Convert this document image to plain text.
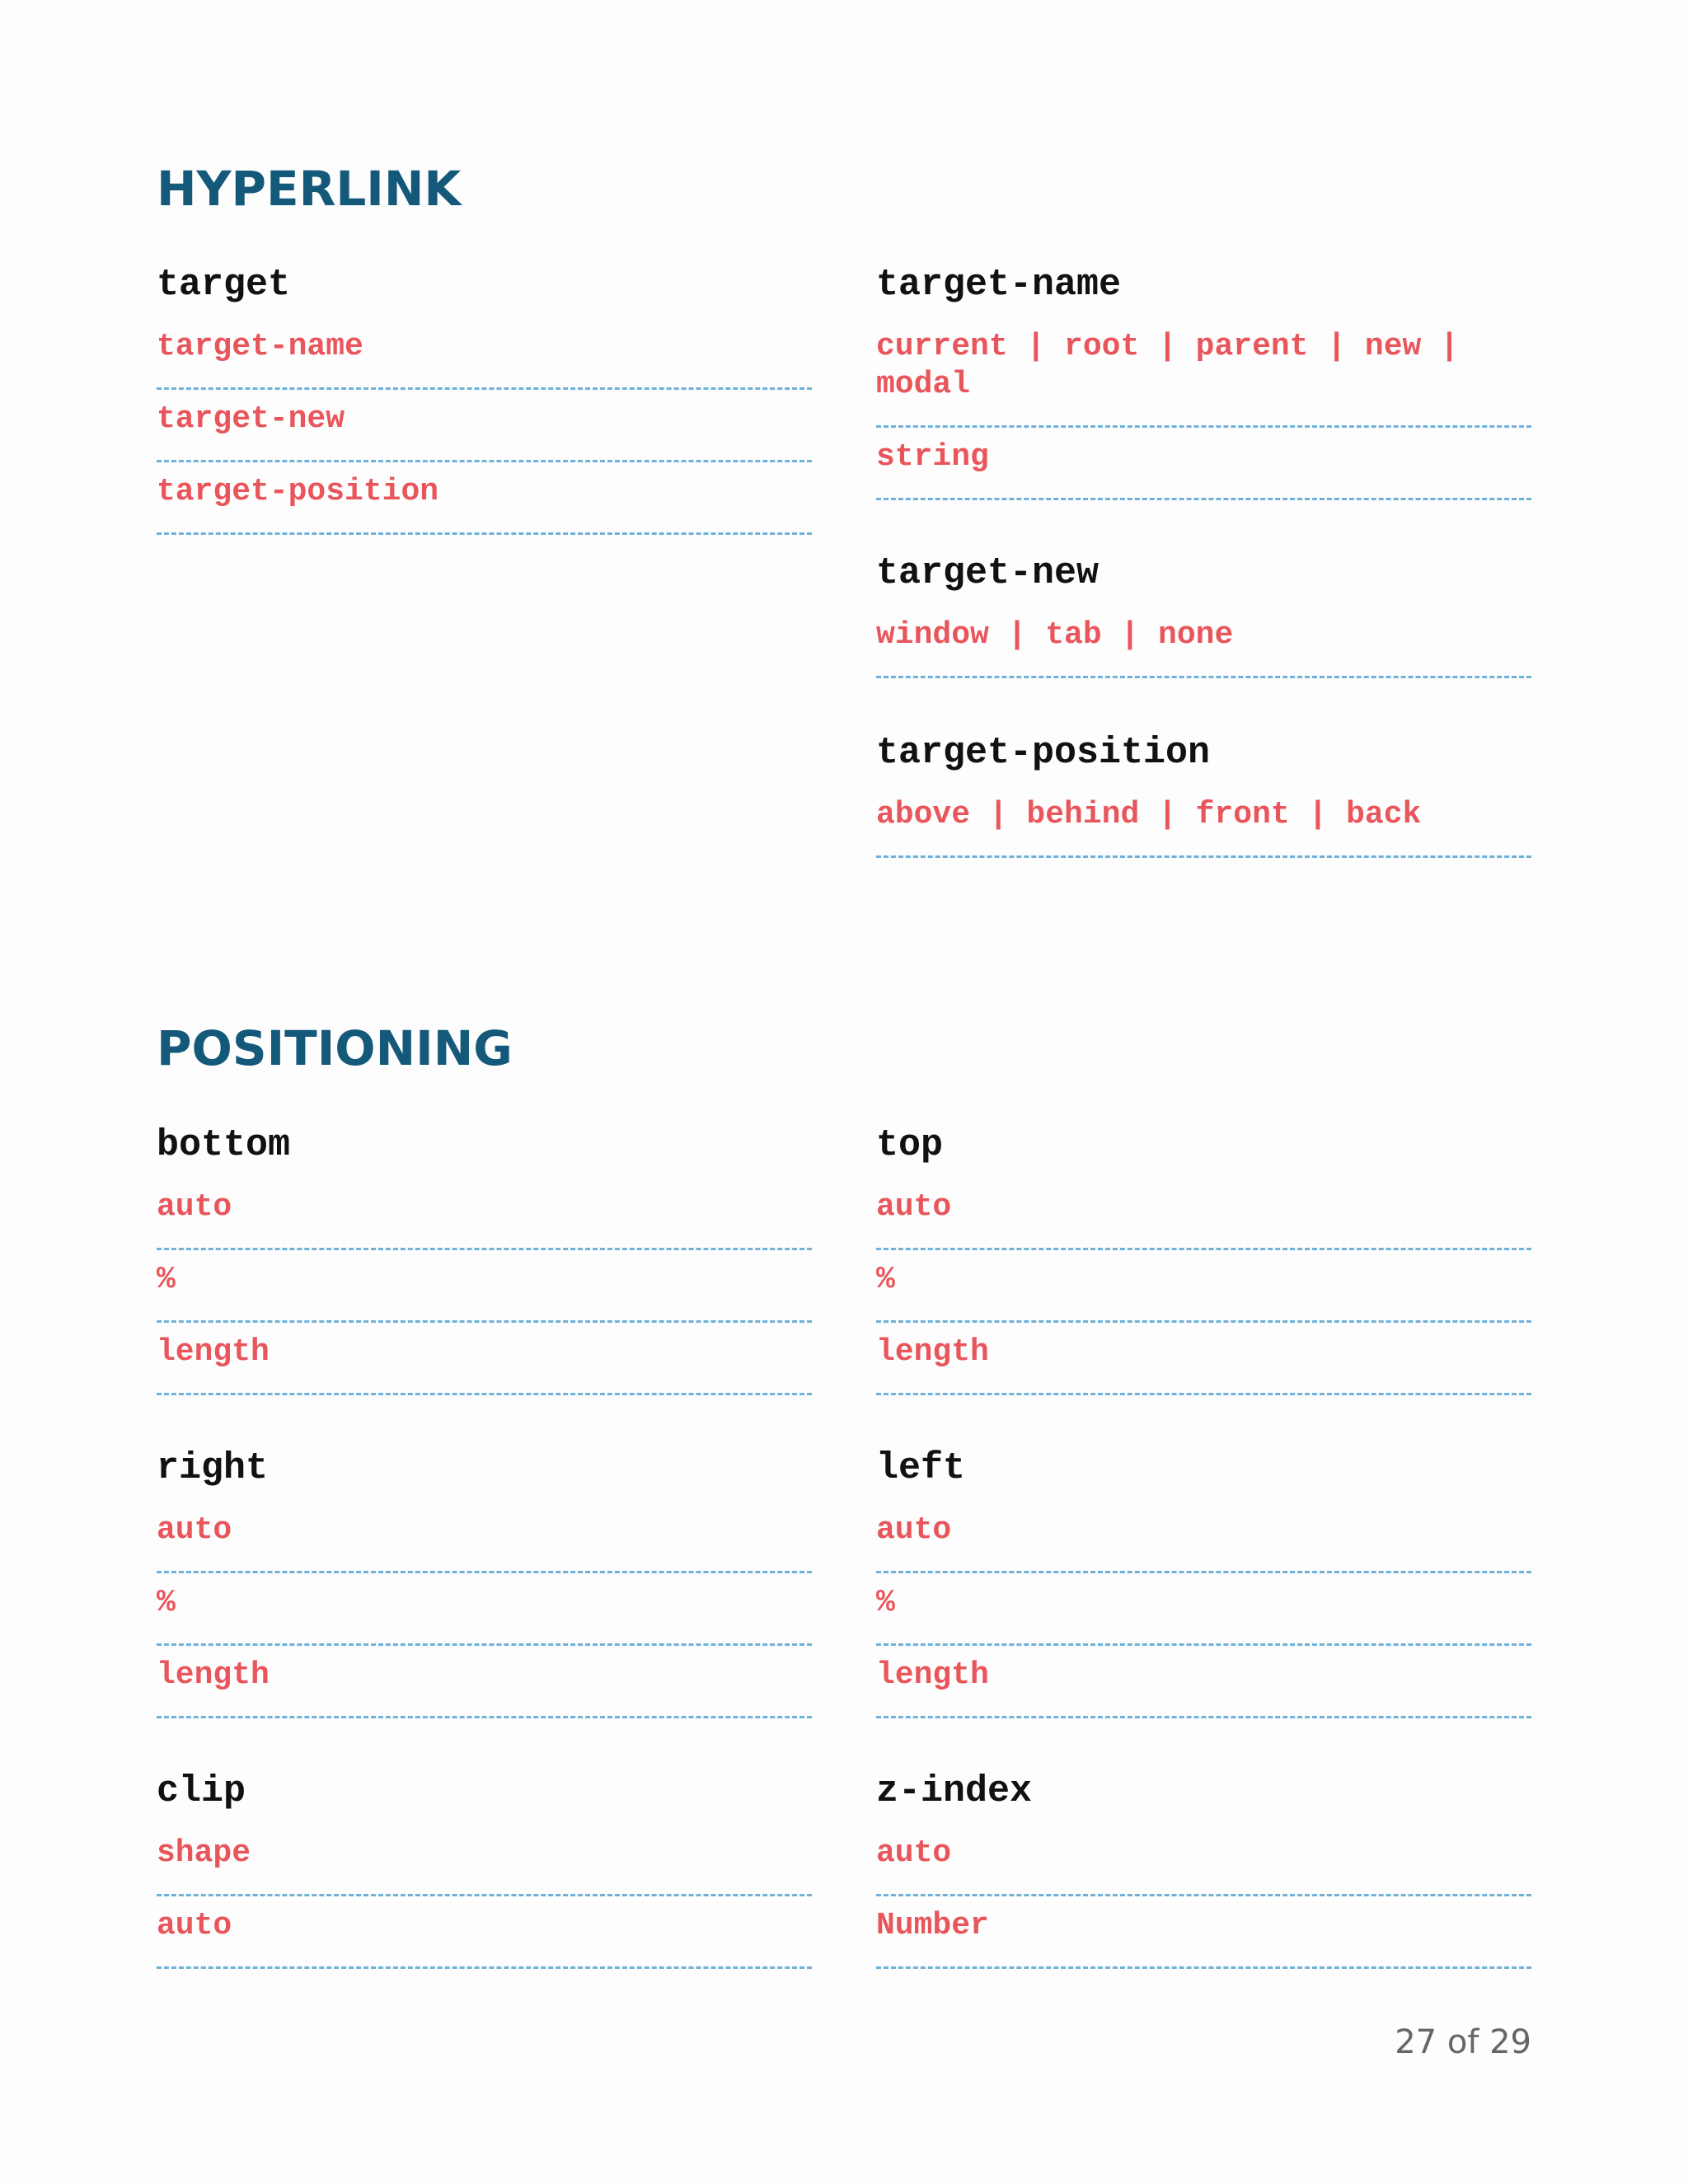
HYPERLINK
target
target-name
target-new
target-position
target-name
current | root | parent | new | modal
string
target-new
window | tab | none
target-position
above | behind | front | back
POSITIONING
bottom
auto
%
length
top
auto
%
length
right
auto
%
length
left
auto
%
length
clip
shape
auto
z-index
auto
Number
27 of 29
